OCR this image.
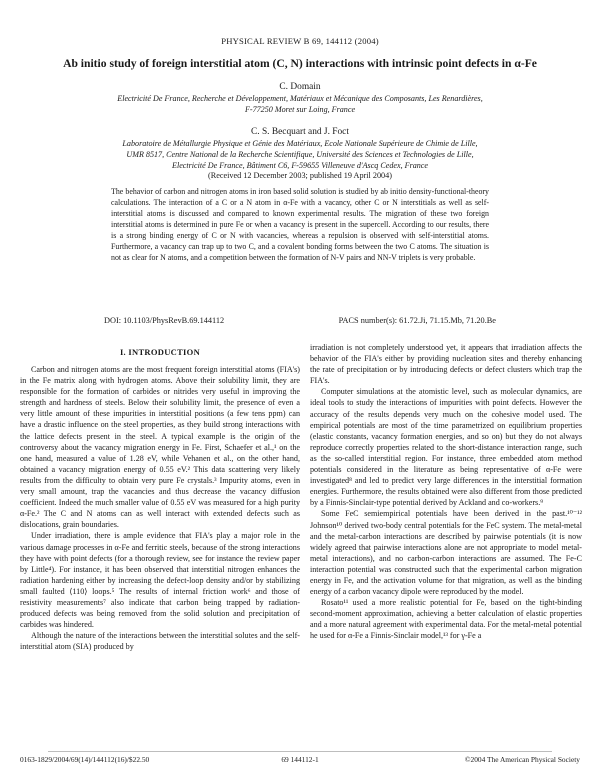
PHYSICAL REVIEW B 69, 144112 (2004)
Ab initio study of foreign interstitial atom (C, N) interactions with intrinsic point defects in α-Fe
C. Domain
Electricité De France, Recherche et Développement, Matériaux et Mécanique des Composants, Les Renardières,
F-77250 Moret sur Loing, France
C. S. Becquart and J. Foct
Laboratoire de Métallurgie Physique et Génie des Matériaux, Ecole Nationale Supérieure de Chimie de Lille,
UMR 8517, Centre National de la Recherche Scientifique, Université des Sciences et Technologies de Lille,
Electricité De France, Bâtiment C6, F-59655 Villeneuve d'Ascq Cedex, France
(Received 12 December 2003; published 19 April 2004)
The behavior of carbon and nitrogen atoms in iron based solid solution is studied by ab initio density-functional-theory calculations. The interaction of a C or a N atom in α-Fe with a vacancy, other C or N interstitials as well as self-interstitial atoms is discussed and compared to known experimental results. The migration of these two foreign interstitial atoms is determined in pure Fe or when a vacancy is present in the supercell. According to our results, there is a strong binding energy of C or N with vacancies, whereas a repulsion is observed with self-interstitial atoms. Furthermore, a vacancy can trap up to two C, and a covalent bonding forms between the two C atoms. The situation is not as clear for N atoms, and a competition between the formation of N-V pairs and NN-V triplets is very probable.
DOI: 10.1103/PhysRevB.69.144112	PACS number(s): 61.72.Ji, 71.15.Mb, 71.20.Be
I. INTRODUCTION

Carbon and nitrogen atoms are the most frequent foreign interstitial atoms (FIA's) in the Fe matrix along with hydrogen atoms. Above their solubility limit, they are responsible for the formation of carbides or nitrides very useful in improving the strength and hardness of steels. Below their solubility limit, the presence of even a very little amount of these impurities in interstitial positions (a few tens ppm) can have a drastic influence on the steel properties, as they build strong interactions with the lattice defects present in the steel. A typical example is the origin of the controversy about the vacancy migration energy in Fe. First, Schaefer et al.,¹ on the one hand, measured a value of 1.28 eV, while Vehanen et al., on the other hand, obtained a vacancy migration energy of 0.55 eV.² This data scattering very likely results from the difficulty to obtain very pure Fe crystals.³ Impurity atoms, even in very small amount, trap the vacancies and thus decrease the vacancy diffusion coefficient. Indeed the much smaller value of 0.55 eV was measured for a high purity α-Fe.² The C and N atoms can as well interact with extended defects such as dislocations, grain boundaries.

Under irradiation, there is ample evidence that FIA's play a major role in the various damage processes in α-Fe and ferritic steels, because of the strong interactions they have with point defects (for a thorough review, see for instance the review paper by Little⁴). For instance, it has been observed that interstitial nitrogen enhances the radiation hardening either by increasing the defect-loop density and/or by stabilizing small faulted ⟨110⟩ loops.⁵ The results of internal friction work⁶ and those of resistivity measurements⁷ also indicate that carbon being trapped by radiation-produced defects was being removed from the solid solution and precipitation of carbides was hindered.

Although the nature of the interactions between the interstitial solutes and the self-interstitial atom (SIA) produced by

irradiation is not completely understood yet, it appears that irradiation affects the behavior of the FIA's either by providing nucleation sites and thereby enhancing the rate of precipitation or by introducing defects or defect clusters which trap the FIA's.

Computer simulations at the atomistic level, such as molecular dynamics, are ideal tools to study the interactions of impurities with point defects. However the accuracy of the results depends very much on the cohesive model used. The empirical potentials are most of the time parametrized on equilibrium properties (elastic constants, vacancy formation energies, and so on) but they do not always reproduce correctly properties related to the short-distance interaction range, such as the so-called interstitial region. For instance, three embedded atom method potentials considered in the literature as being representative of α-Fe were investigated⁸ and led to predict very large differences in the interstitial formation energies. Furthermore, the results obtained were also different from those predicted by a Finnis-Sinclair-type potential derived by Ackland and co-workers.⁹

Some FeC semiempirical potentials have been derived in the past.¹⁰⁻¹² Johnson¹⁰ derived two-body central potentials for the FeC system. The metal-metal and the metal-carbon interactions are described by pairwise potentials (it is now widely agreed that pairwise interactions alone are not appropriate to model metal-metal interactions), and no carbon-carbon interactions are assumed. The Fe-C interaction potential was constructed such that the experimental carbon migration energy in Fe, and the activation volume for that migration, as well as the binding energy of a carbon vacancy dipole were reproduced by the model.

Rosato¹¹ used a more realistic potential for Fe, based on the tight-binding second-moment approximation, achieving a better calculation of elastic properties and a more natural agreement with experimental data. For the metal-metal potential he used for α-Fe a Finnis-Sinclair model,¹³ for γ-Fe a

0163-1829/2004/69(14)/144112(16)/$22.50	69 144112-1	©2004 The American Physical Society
